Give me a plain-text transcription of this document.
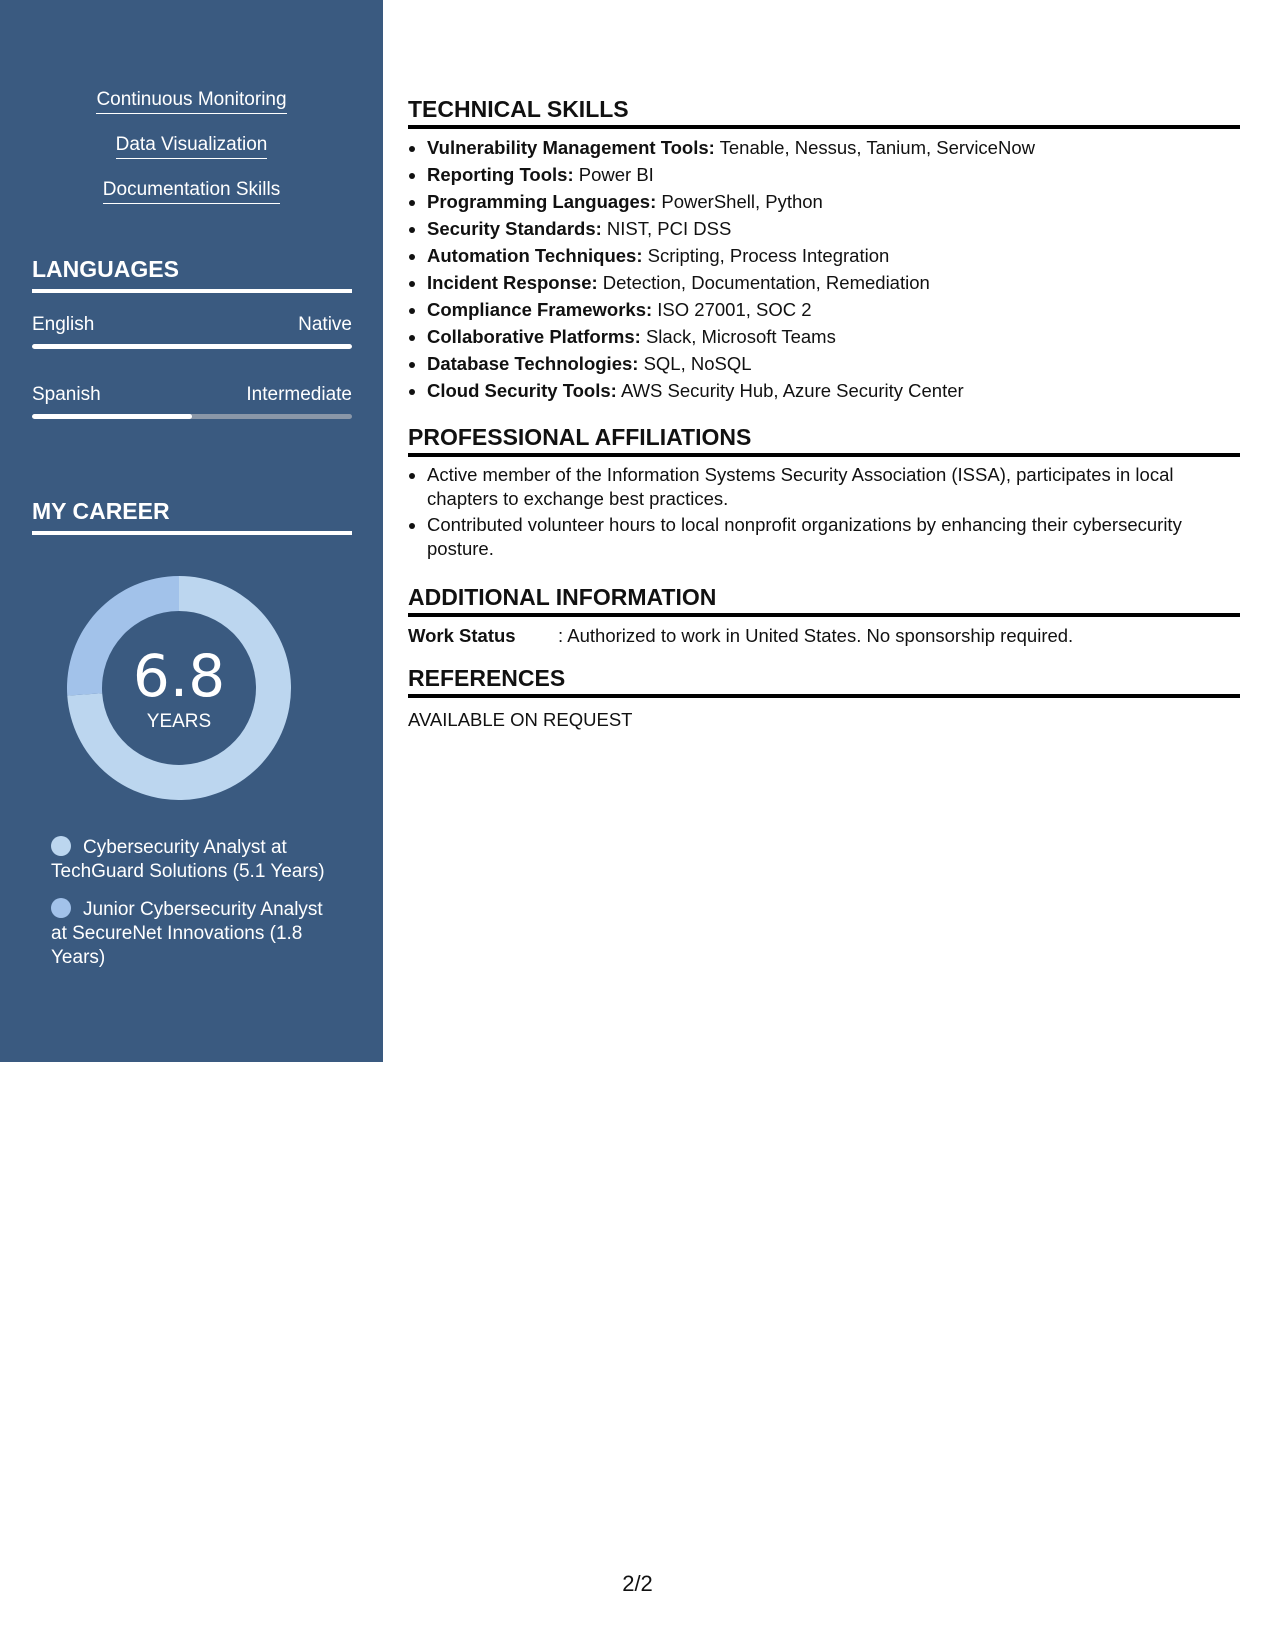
Continuous Monitoring
Data Visualization
Documentation Skills
LANGUAGES
English	Native
Spanish	Intermediate
MY CAREER
6.8
YEARS
Cybersecurity Analyst at TechGuard Solutions (5.1 Years)
Junior Cybersecurity Analyst at SecureNet Innovations (1.8 Years)
TECHNICAL SKILLS
• Vulnerability Management Tools: Tenable, Nessus, Tanium, ServiceNow
• Reporting Tools: Power BI
• Programming Languages: PowerShell, Python
• Security Standards: NIST, PCI DSS
• Automation Techniques: Scripting, Process Integration
• Incident Response: Detection, Documentation, Remediation
• Compliance Frameworks: ISO 27001, SOC 2
• Collaborative Platforms: Slack, Microsoft Teams
• Database Technologies: SQL, NoSQL
• Cloud Security Tools: AWS Security Hub, Azure Security Center
PROFESSIONAL AFFILIATIONS
• Active member of the Information Systems Security Association (ISSA), participates in local chapters to exchange best practices.
• Contributed volunteer hours to local nonprofit organizations by enhancing their cybersecurity posture.
ADDITIONAL INFORMATION
Work Status : Authorized to work in United States. No sponsorship required.
REFERENCES
AVAILABLE ON REQUEST
2/2
